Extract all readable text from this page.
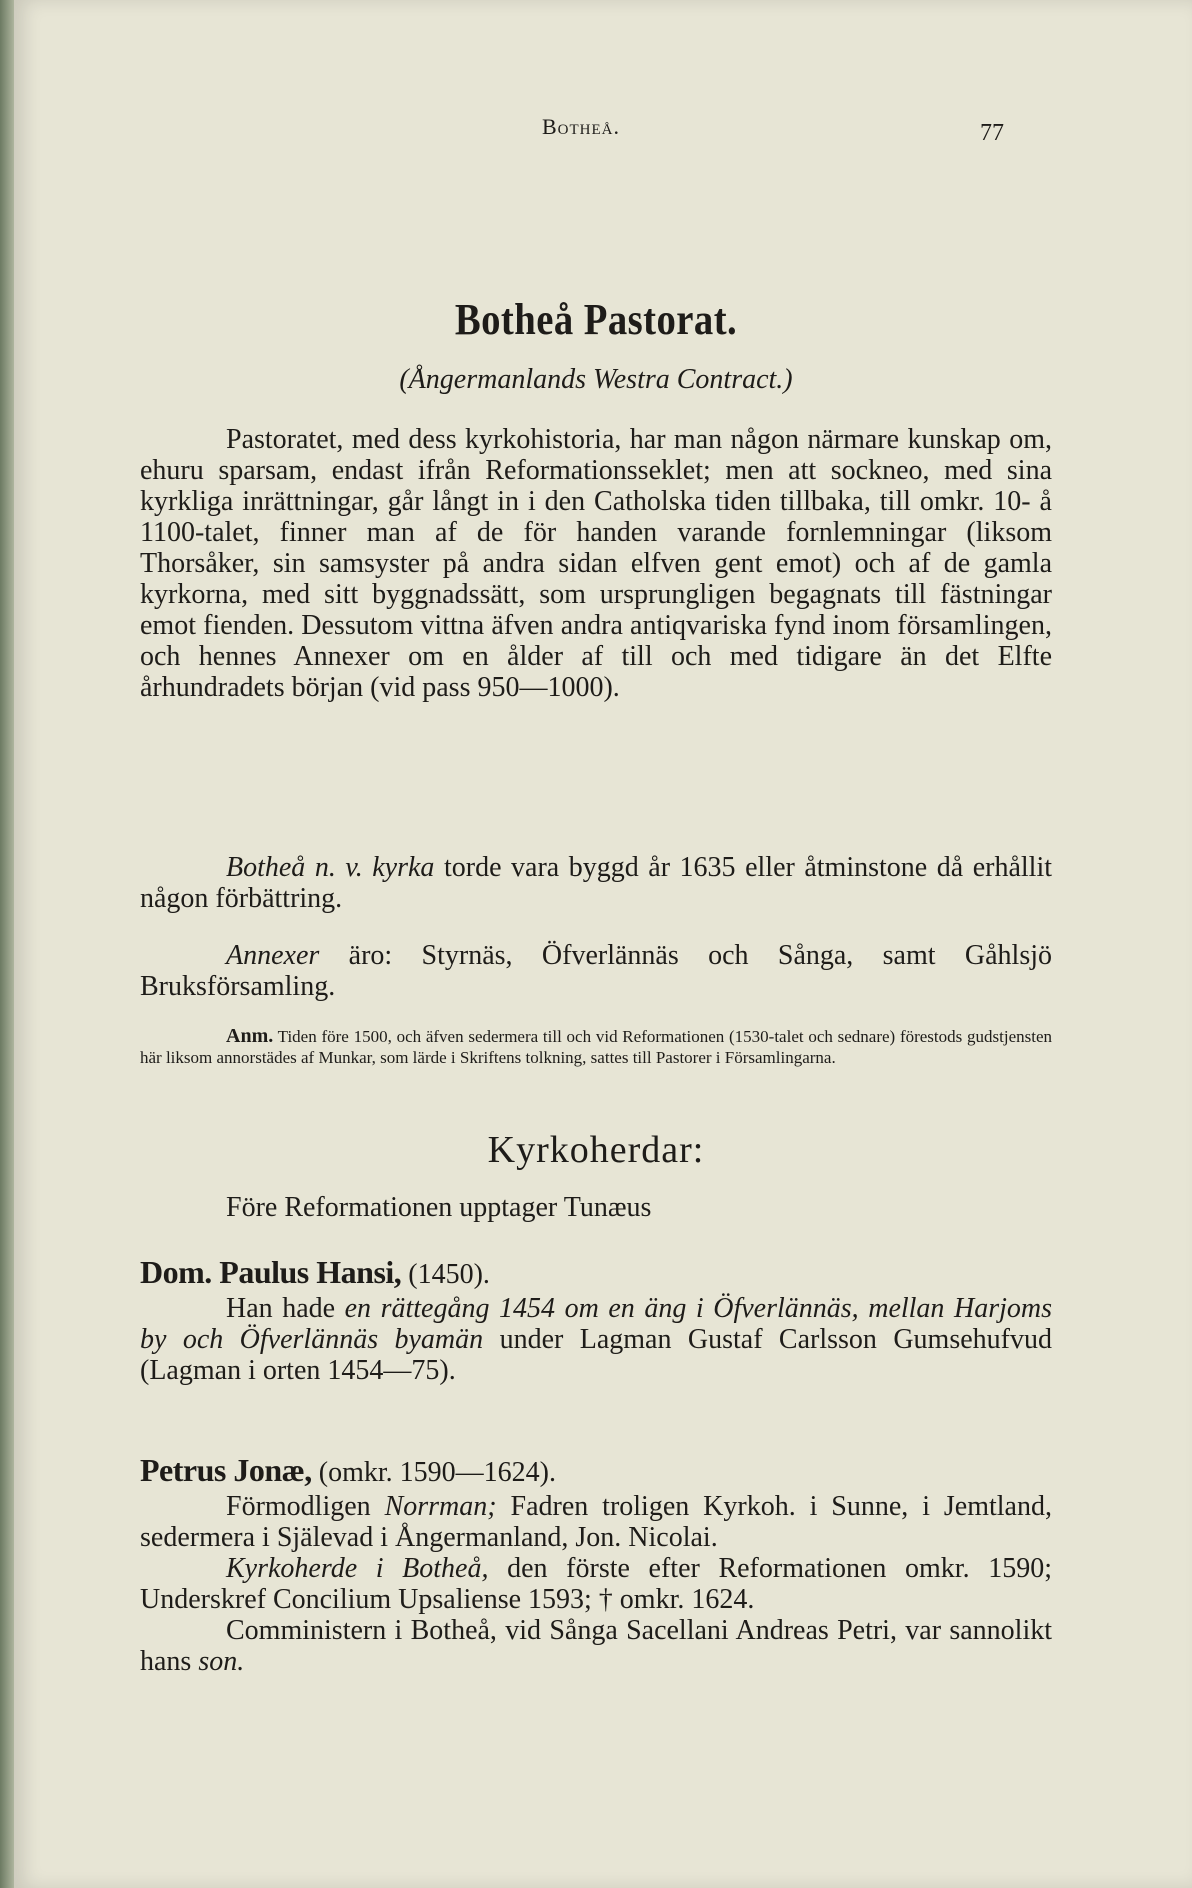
Botheå.	77
Botheå Pastorat.
(Ångermanlands Westra Contract.)

Pastoratet, med dess kyrkohistoria, har man någon närmare kunskap om, ehuru sparsam, endast ifrån Reformationsseklet; men att sockneo, med sina kyrkliga inrättningar, går långt in i den Catholska tiden tillbaka, till omkr. 10- å 1100-talet, finner man af de för handen varande fornlemningar (liksom Thorsåker, sin samsyster på andra sidan elfven gent emot) och af de gamla kyrkorna, med sitt byggnadssätt, som ursprungligen begagnats till fästningar emot fienden. Dessutom vittna äfven andra antiqvariska fynd inom församlingen, och hennes Annexer om en ålder af till och med tidigare än det Elfte århundradets början (vid pass 950—1000).

Botheå n. v. kyrka torde vara byggd år 1635 eller åtminstone då erhållit någon förbättring.

Annexer äro: Styrnäs, Öfverlännäs och Sånga, samt Gåhlsjö Bruksförsamling.

Anm. Tiden före 1500, och äfven sedermera till och vid Reformationen (1530-talet och sednare) förestods gudstjensten här liksom annorstädes af Munkar, som lärde i Skriftens tolkning, sattes till Pastorer i Församlingarna.

Kyrkoherdar:

Före Reformationen upptager Tunæus

Dom. Paulus Hansi, (1450).

Han hade en rättegång 1454 om en äng i Öfverlännäs, mellan Harjoms by och Öfverlännäs byamän under Lagman Gustaf Carlsson Gumsehufvud (Lagman i orten 1454—75).

Petrus Jonæ, (omkr. 1590—1624).

Förmodligen Norrman; Fadren troligen Kyrkoh. i Sunne, i Jemtland, sedermera i Själevad i Ångermanland, Jon. Nicolai.

Kyrkoherde i Botheå, den förste efter Reformationen omkr. 1590; Underskref Concilium Upsaliense 1593; † omkr. 1624.

Comministern i Botheå, vid Sånga Sacellani Andreas Petri, var sannolikt hans son.
